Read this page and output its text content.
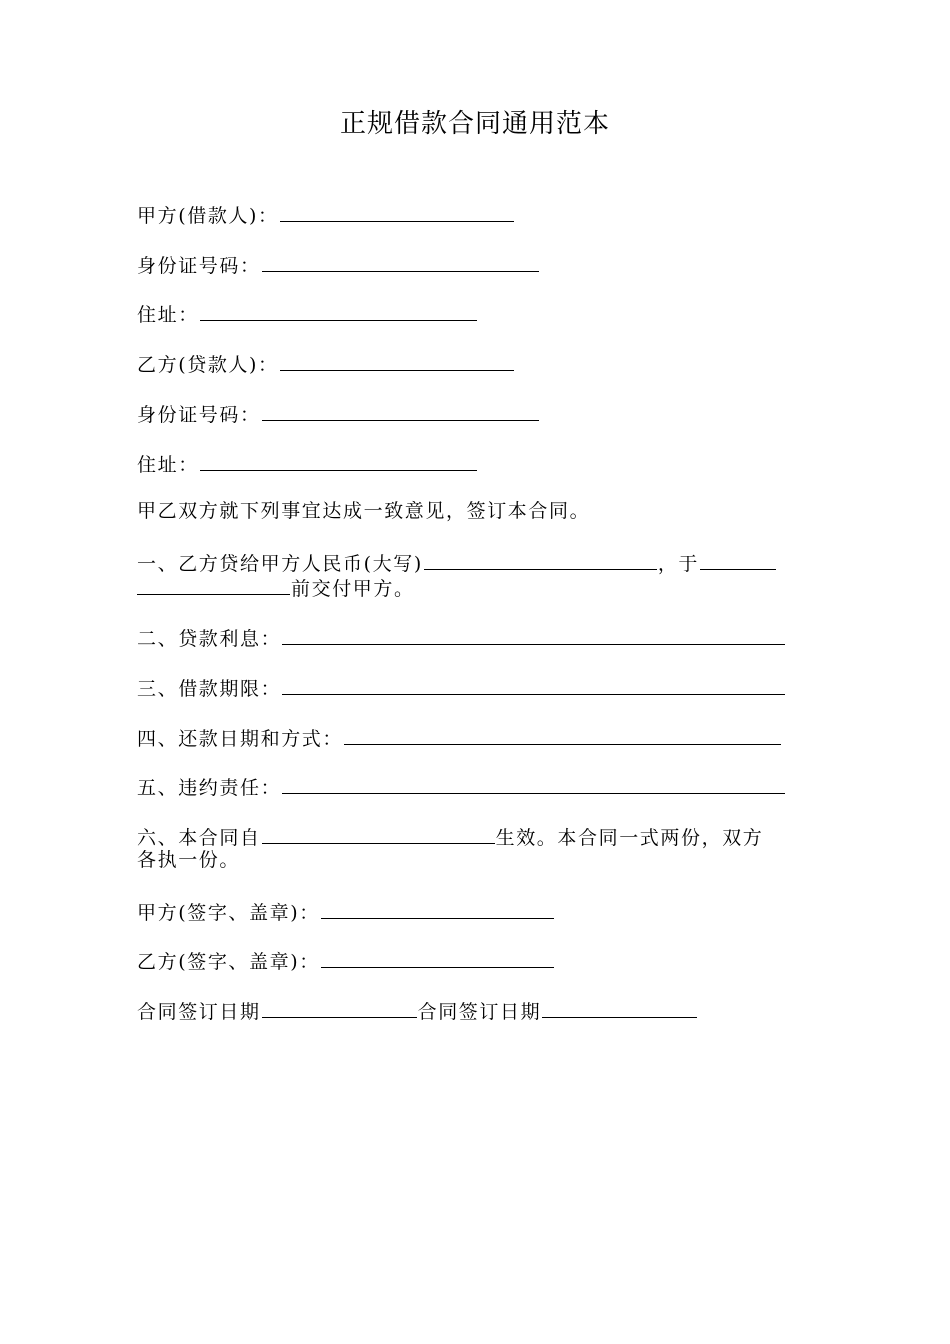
正规借款合同通用范本
甲方(借款人)：
身份证号码：
住址：
乙方(贷款人)：
身份证号码：
住址：
甲乙双方就下列事宜达成一致意见，签订本合同。
一、乙方贷给甲方人民币(大写)	，于
前交付甲方。
二、贷款利息：
三、借款期限：
四、还款日期和方式：
五、违约责任：
六、本合同自	生效。本合同一式两份，双方
各执一份。
甲方(签字、盖章)：
乙方(签字、盖章)：
合同签订日期	合同签订日期
